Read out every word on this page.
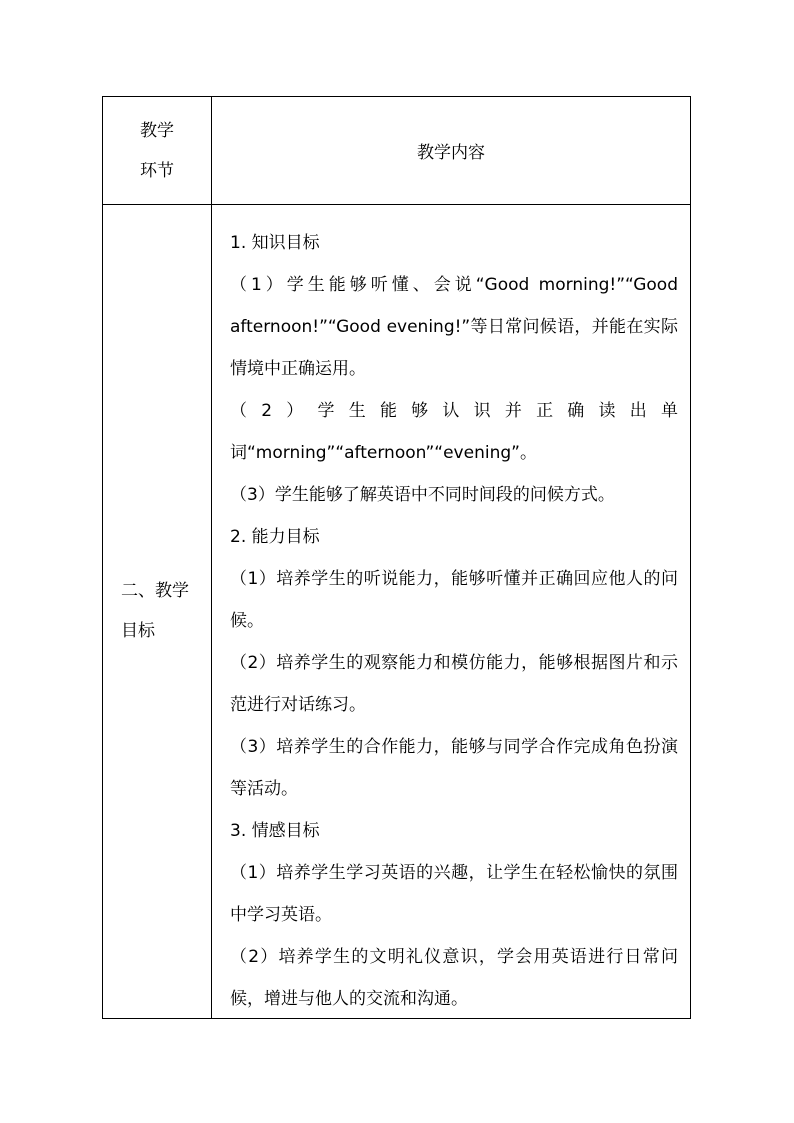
教学
环节
教学内容
二、教学
目标

1. 知识目标

（1）学生能够听懂、会说“Good morning!”“Good afternoon!”“Good evening!”等日常问候语，并能在实际情境中正确运用。

（2）学生能够认识并正确读出单词“morning”“afternoon”“evening”。

（3）学生能够了解英语中不同时间段的问候方式。

2. 能力目标

（1）培养学生的听说能力，能够听懂并正确回应他人的问候。

（2）培养学生的观察能力和模仿能力，能够根据图片和示范进行对话练习。

（3）培养学生的合作能力，能够与同学合作完成角色扮演等活动。

3. 情感目标

（1）培养学生学习英语的兴趣，让学生在轻松愉快的氛围中学习英语。

（2）培养学生的文明礼仪意识，学会用英语进行日常问候，增进与他人的交流和沟通。
